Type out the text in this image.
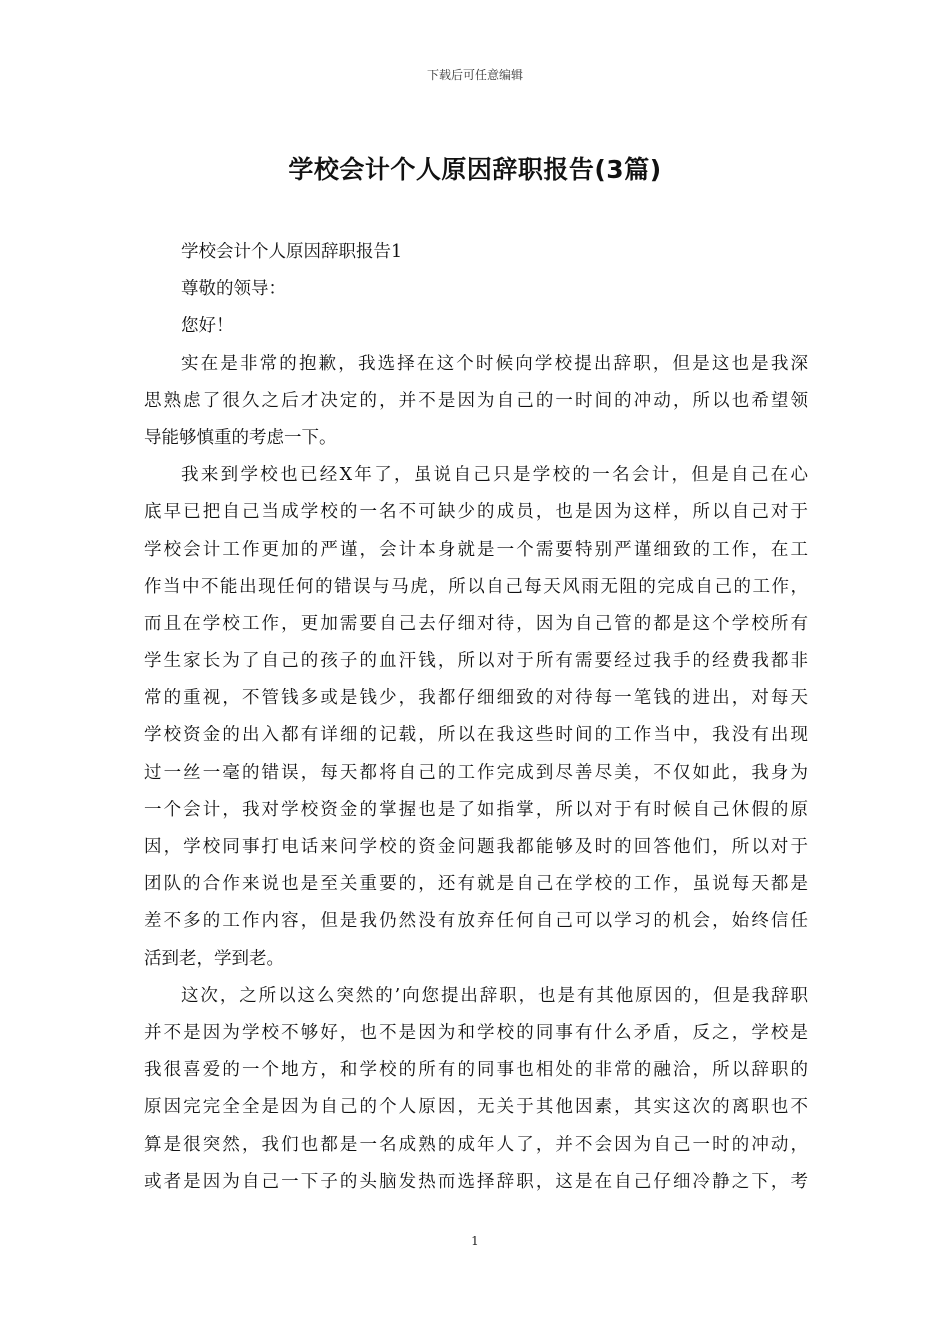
下载后可任意编辑
学校会计个人原因辞职报告(3篇)
学校会计个人原因辞职报告1
尊敬的领导：
您好！
实在是非常的抱歉，我选择在这个时候向学校提出辞职，但是这也是我深
思熟虑了很久之后才决定的，并不是因为自己的一时间的冲动，所以也希望领
导能够慎重的考虑一下。
我来到学校也已经X年了，虽说自己只是学校的一名会计，但是自己在心
底早已把自己当成学校的一名不可缺少的成员，也是因为这样，所以自己对于
学校会计工作更加的严谨，会计本身就是一个需要特别严谨细致的工作，在工
作当中不能出现任何的错误与马虎，所以自己每天风雨无阻的完成自己的工作，
而且在学校工作，更加需要自己去仔细对待，因为自己管的都是这个学校所有
学生家长为了自己的孩子的血汗钱，所以对于所有需要经过我手的经费我都非
常的重视，不管钱多或是钱少，我都仔细细致的对待每一笔钱的进出，对每天
学校资金的出入都有详细的记载，所以在我这些时间的工作当中，我没有出现
过一丝一毫的错误，每天都将自己的工作完成到尽善尽美，不仅如此，我身为
一个会计，我对学校资金的掌握也是了如指掌，所以对于有时候自己休假的原
因，学校同事打电话来问学校的资金问题我都能够及时的回答他们，所以对于
团队的合作来说也是至关重要的，还有就是自己在学校的工作，虽说每天都是
差不多的工作内容，但是我仍然没有放弃任何自己可以学习的机会，始终信任
活到老，学到老。
这次，之所以这么突然的’向您提出辞职，也是有其他原因的，但是我辞职
并不是因为学校不够好，也不是因为和学校的同事有什么矛盾，反之，学校是
我很喜爱的一个地方，和学校的所有的同事也相处的非常的融洽，所以辞职的
原因完完全全是因为自己的个人原因，无关于其他因素，其实这次的离职也不
算是很突然，我们也都是一名成熟的成年人了，并不会因为自己一时的冲动，
或者是因为自己一下子的头脑发热而选择辞职，这是在自己仔细冷静之下，考
1
